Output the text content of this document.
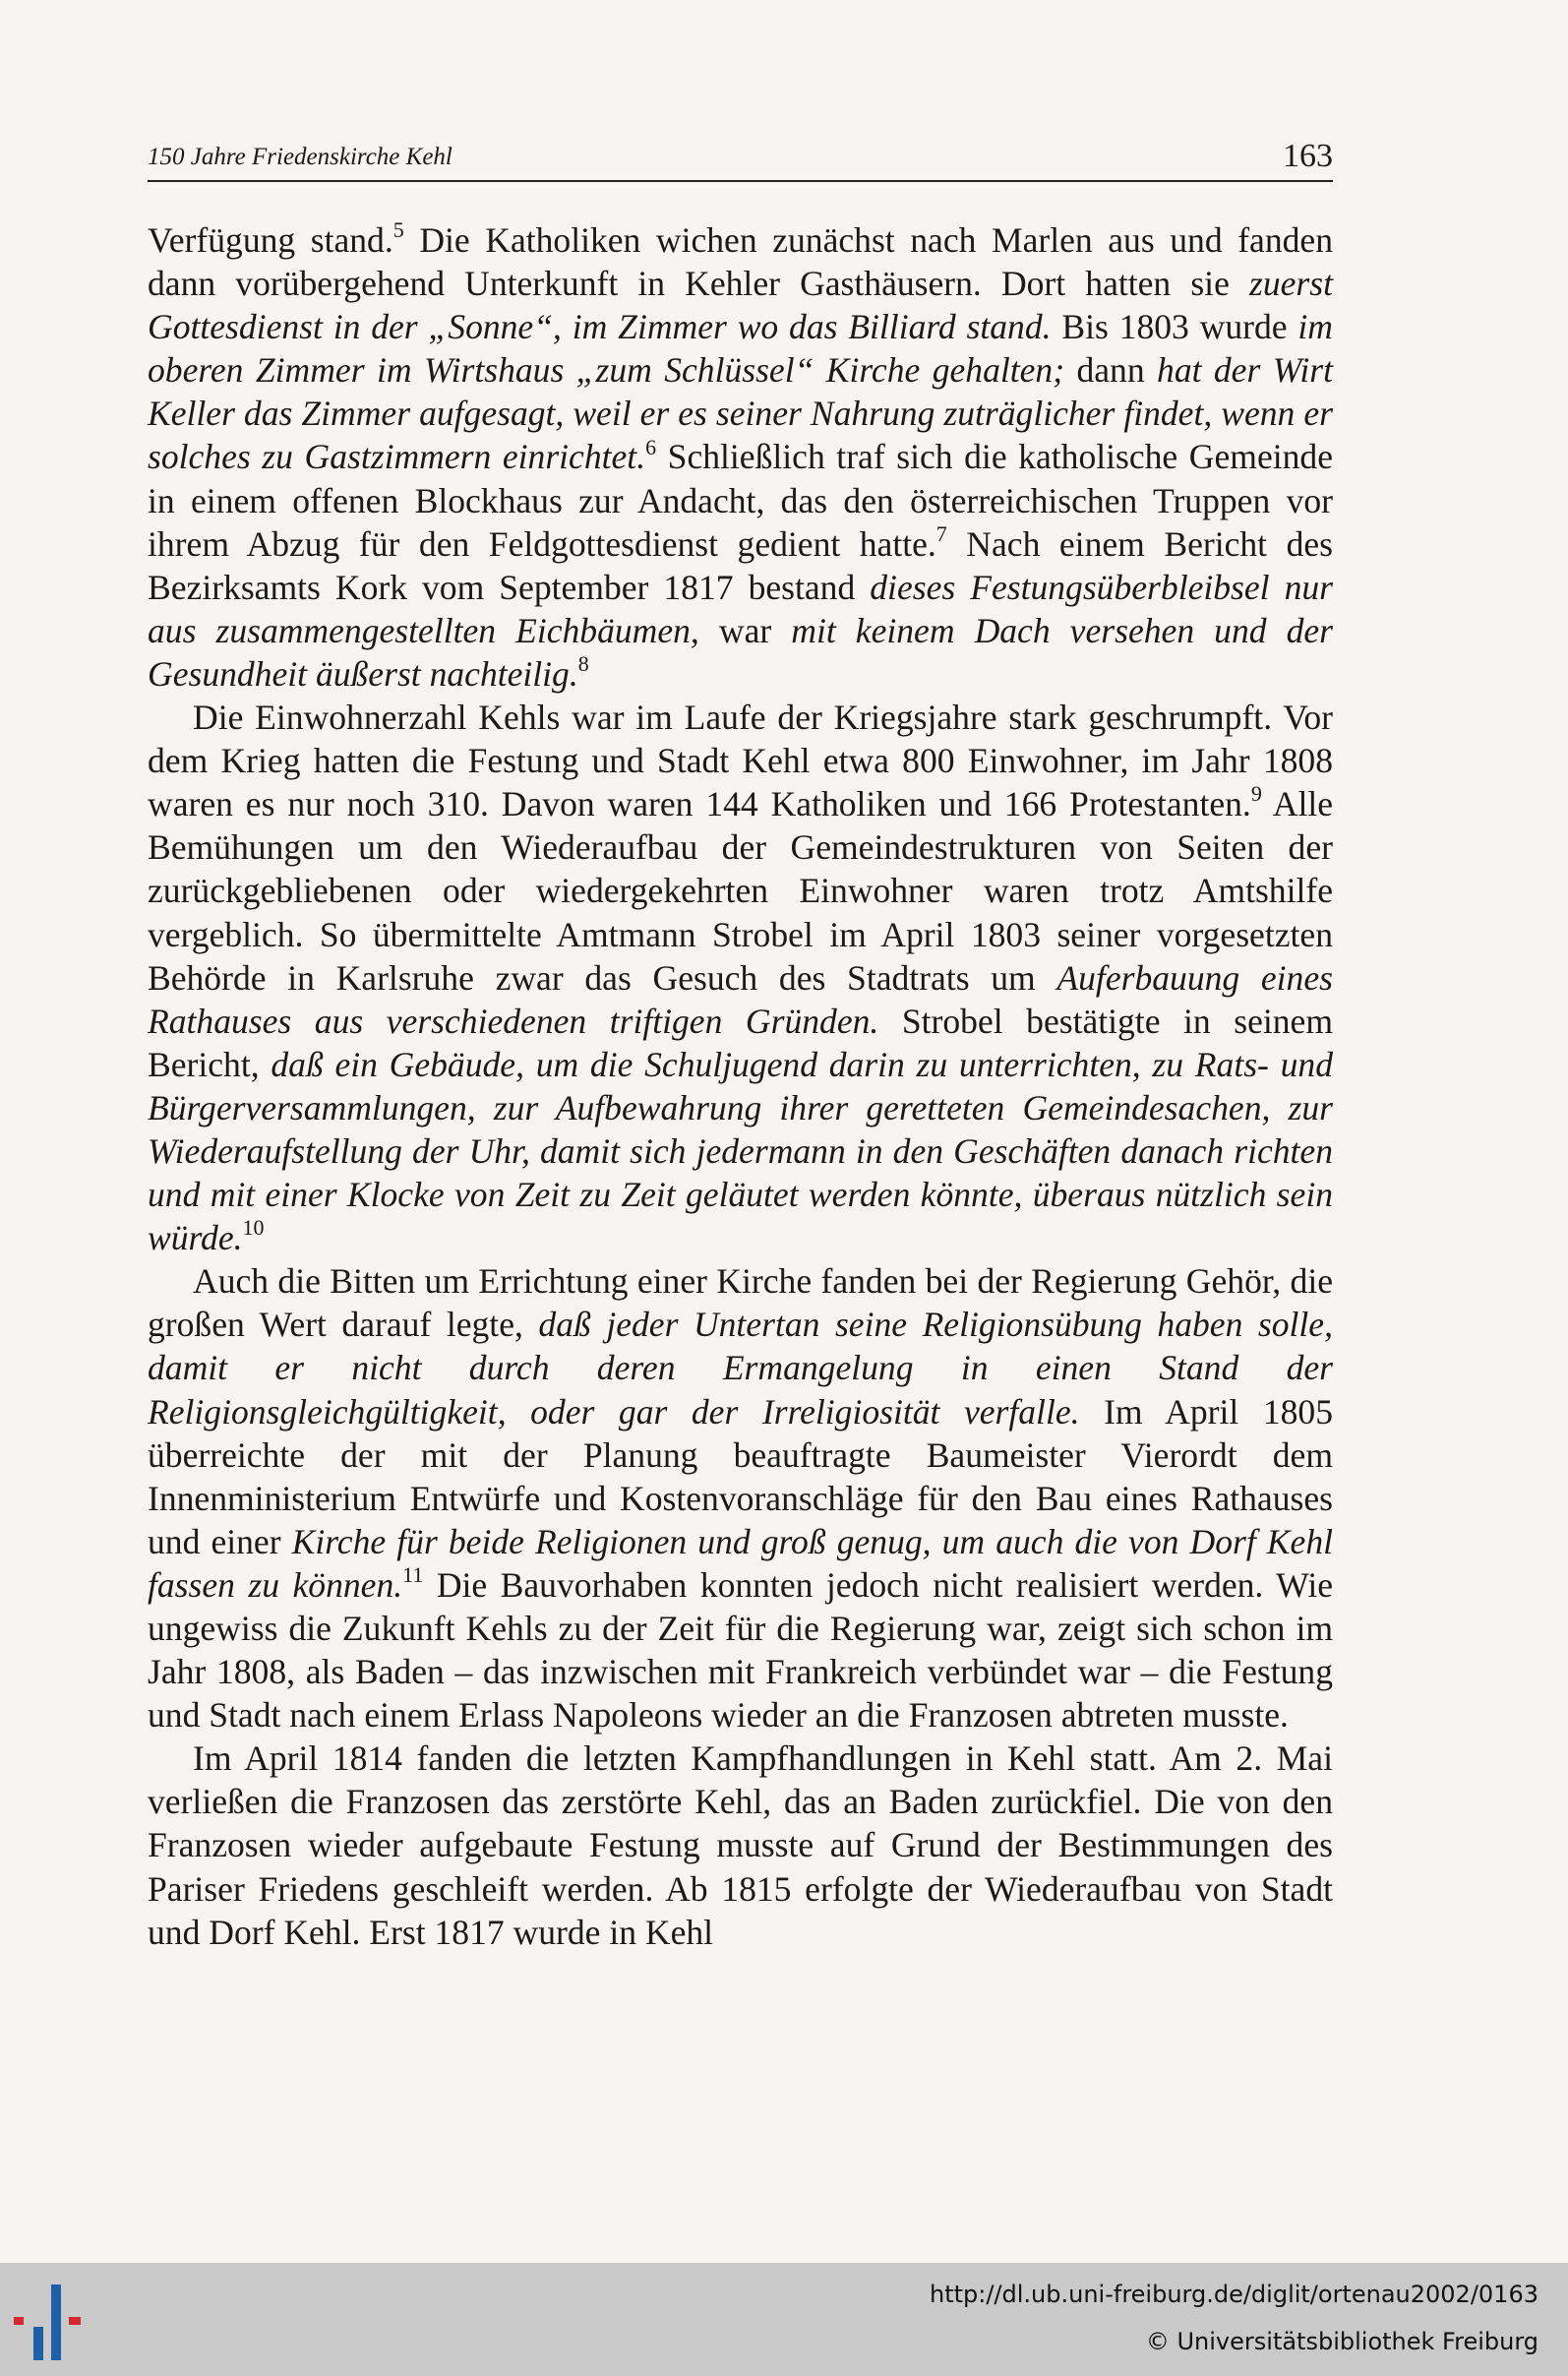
150 Jahre Friedenskirche Kehl	163

Verfügung stand.$^5$ Die Katholiken wichen zunächst nach Marlen aus und fanden dann vorübergehend Unterkunft in Kehler Gasthäusern. Dort hatten sie zuerst Gottesdienst in der „Sonne“, im Zimmer wo das Billiard stand. Bis 1803 wurde im oberen Zimmer im Wirtshaus „zum Schlüssel“ Kirche gehalten; dann hat der Wirt Keller das Zimmer aufgesagt, weil er es seiner Nahrung zuträglicher findet, wenn er solches zu Gastzimmern einrichtet.$^6$ Schließlich traf sich die katholische Gemeinde in einem offenen Blockhaus zur Andacht, das den österreichischen Truppen vor ihrem Abzug für den Feldgottesdienst gedient hatte.$^7$ Nach einem Bericht des Bezirksamts Kork vom September 1817 bestand dieses Festungsüberbleibsel nur aus zusammengestellten Eichbäumen, war mit keinem Dach versehen und der Gesundheit äußerst nachteilig.$^8$

Die Einwohnerzahl Kehls war im Laufe der Kriegsjahre stark geschrumpft. Vor dem Krieg hatten die Festung und Stadt Kehl etwa 800 Einwohner, im Jahr 1808 waren es nur noch 310. Davon waren 144 Katholiken und 166 Protestanten.$^9$ Alle Bemühungen um den Wiederaufbau der Gemeindestrukturen von Seiten der zurückgebliebenen oder wiedergekehrten Einwohner waren trotz Amtshilfe vergeblich. So übermittelte Amtmann Strobel im April 1803 seiner vorgesetzten Behörde in Karlsruhe zwar das Gesuch des Stadtrats um Auferbauung eines Rathauses aus verschiedenen triftigen Gründen. Strobel bestätigte in seinem Bericht, daß ein Gebäude, um die Schuljugend darin zu unterrichten, zu Rats- und Bürgerversammlungen, zur Aufbewahrung ihrer geretteten Gemeindesachen, zur Wiederaufstellung der Uhr, damit sich jedermann in den Geschäften danach richten und mit einer Klocke von Zeit zu Zeit geläutet werden könnte, überaus nützlich sein würde.$^{10}$

Auch die Bitten um Errichtung einer Kirche fanden bei der Regierung Gehör, die großen Wert darauf legte, daß jeder Untertan seine Religionsübung haben solle, damit er nicht durch deren Ermangelung in einen Stand der Religionsgleichgültigkeit, oder gar der Irreligiosität verfalle. Im April 1805 überreichte der mit der Planung beauftragte Baumeister Vierordt dem Innenministerium Entwürfe und Kostenvoranschläge für den Bau eines Rathauses und einer Kirche für beide Religionen und groß genug, um auch die von Dorf Kehl fassen zu können.$^{11}$ Die Bauvorhaben konnten jedoch nicht realisiert werden. Wie ungewiss die Zukunft Kehls zu der Zeit für die Regierung war, zeigt sich schon im Jahr 1808, als Baden – das inzwischen mit Frankreich verbündet war – die Festung und Stadt nach einem Erlass Napoleons wieder an die Franzosen abtreten musste.

Im April 1814 fanden die letzten Kampfhandlungen in Kehl statt. Am 2. Mai verließen die Franzosen das zerstörte Kehl, das an Baden zurückfiel. Die von den Franzosen wieder aufgebaute Festung musste auf Grund der Bestimmungen des Pariser Friedens geschleift werden. Ab 1815 erfolgte der Wiederaufbau von Stadt und Dorf Kehl. Erst 1817 wurde in Kehl

http://dl.ub.uni-freiburg.de/diglit/ortenau2002/0163
© Universitätsbibliothek Freiburg
